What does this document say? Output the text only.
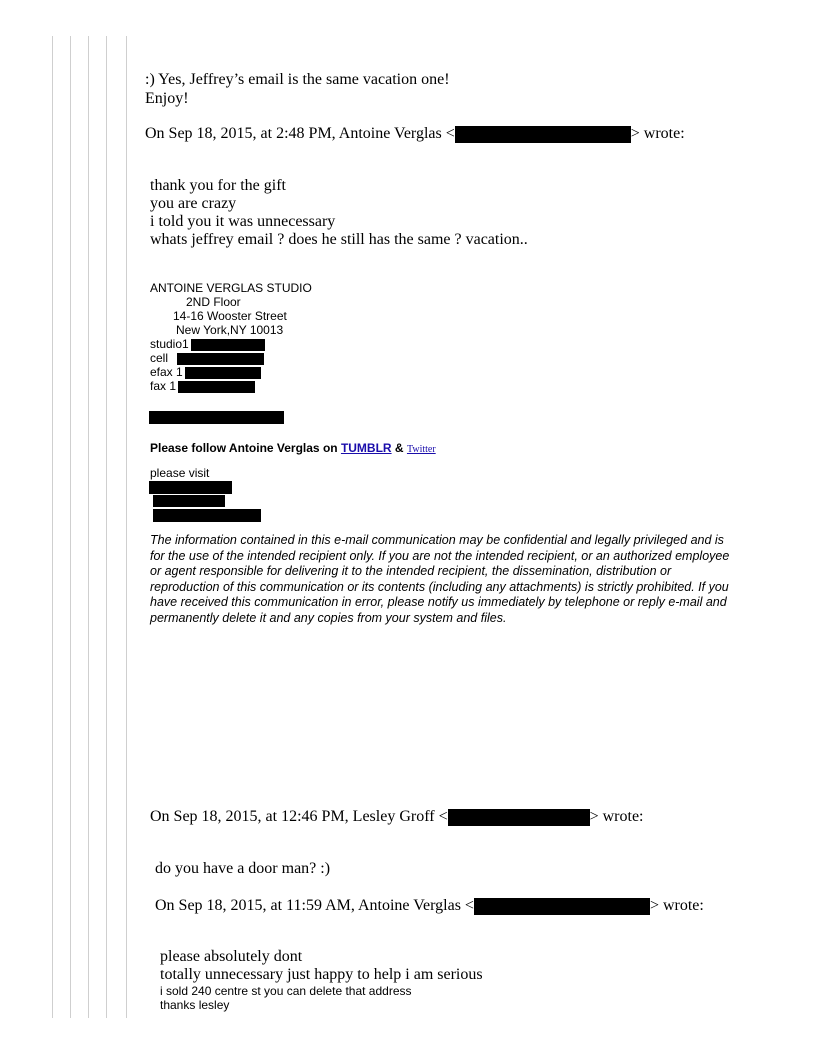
:) Yes, Jeffrey’s email is the same vacation one!
Enjoy!
On Sep 18, 2015, at 2:48 PM, Antoine Verglas <	> wrote:
thank you for the gift
you are crazy
i told you it was unnecessary
whats jeffrey email ? does he still has the same ? vacation..
ANTOINE VERGLAS STUDIO
2ND Floor
14-16 Wooster Street
New York,NY 10013
studio1
cell
efax 1
fax 1
Please follow Antoine Verglas on TUMBLR & Twitter
please visit
The information contained in this e-mail communication may be confidential and legally privileged and is for the use of the intended recipient only. If you are not the intended recipient, or an authorized employee or agent responsible for delivering it to the intended recipient, the dissemination, distribution or reproduction of this communication or its contents (including any attachments) is strictly prohibited. If you have received this communication in error, please notify us immediately by telephone or reply e-mail and permanently delete it and any copies from your system and files.
On Sep 18, 2015, at 12:46 PM, Lesley Groff <	> wrote:
do you have a door man? :)
On Sep 18, 2015, at 11:59 AM, Antoine Verglas <	> wrote:
please absolutely dont
totally unnecessary just happy to help i am serious
i sold 240 centre st you can delete that address
thanks lesley
